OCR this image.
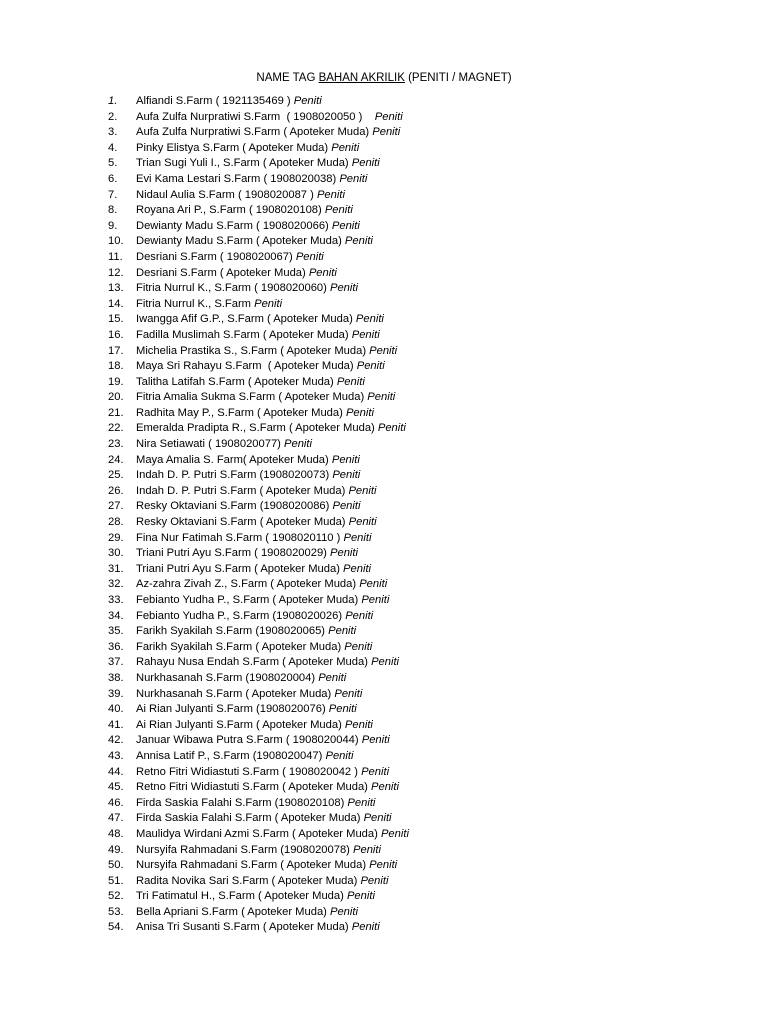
NAME TAG BAHAN AKRILIK (PENITI / MAGNET)
1.	Alfiandi S.Farm ( 1921135469 ) Peniti
2.	Aufa Zulfa Nurpratiwi S.Farm  ( 1908020050 ) Peniti
3.	Aufa Zulfa Nurpratiwi S.Farm ( Apoteker Muda) Peniti
4.	Pinky Elistya S.Farm ( Apoteker Muda) Peniti
5.	Trian Sugi Yuli I., S.Farm ( Apoteker Muda) Peniti
6.	Evi Kama Lestari S.Farm ( 1908020038) Peniti
7.	Nidaul Aulia S.Farm ( 1908020087 ) Peniti
8.	Royana Ari P., S.Farm ( 1908020108) Peniti
9.	Dewianty Madu S.Farm ( 1908020066) Peniti
10.	Dewianty Madu S.Farm ( Apoteker Muda) Peniti
11.	Desriani S.Farm ( 1908020067) Peniti
12.	Desriani S.Farm ( Apoteker Muda) Peniti
13.	Fitria Nurrul K., S.Farm ( 1908020060) Peniti
14.	Fitria Nurrul K., S.Farm Peniti
15.	Iwangga Afif G.P., S.Farm ( Apoteker Muda) Peniti
16.	Fadilla Muslimah S.Farm ( Apoteker Muda) Peniti
17.	Michelia Prastika S., S.Farm ( Apoteker Muda) Peniti
18.	Maya Sri Rahayu S.Farm  ( Apoteker Muda) Peniti
19.	Talitha Latifah S.Farm ( Apoteker Muda) Peniti
20.	Fitria Amalia Sukma S.Farm ( Apoteker Muda) Peniti
21.	Radhita May P., S.Farm ( Apoteker Muda) Peniti
22.	Emeralda Pradipta R., S.Farm ( Apoteker Muda) Peniti
23.	Nira Setiawati ( 1908020077) Peniti
24.	Maya Amalia S. Farm( Apoteker Muda) Peniti
25.	Indah D. P. Putri S.Farm (1908020073) Peniti
26.	Indah D. P. Putri S.Farm ( Apoteker Muda) Peniti
27.	Resky Oktaviani S.Farm (1908020086) Peniti
28.	Resky Oktaviani S.Farm ( Apoteker Muda) Peniti
29.	Fina Nur Fatimah S.Farm ( 1908020110 ) Peniti
30.	Triani Putri Ayu S.Farm ( 1908020029) Peniti
31.	Triani Putri Ayu S.Farm ( Apoteker Muda) Peniti
32.	Az-zahra Zivah Z., S.Farm ( Apoteker Muda) Peniti
33.	Febianto Yudha P., S.Farm ( Apoteker Muda) Peniti
34.	Febianto Yudha P., S.Farm (1908020026) Peniti
35.	Farikh Syakilah S.Farm (1908020065) Peniti
36.	Farikh Syakilah S.Farm ( Apoteker Muda) Peniti
37.	Rahayu Nusa Endah S.Farm ( Apoteker Muda) Peniti
38.	Nurkhasanah S.Farm (1908020004) Peniti
39.	Nurkhasanah S.Farm ( Apoteker Muda) Peniti
40.	Ai Rian Julyanti S.Farm (1908020076) Peniti
41.	Ai Rian Julyanti S.Farm ( Apoteker Muda) Peniti
42.	Januar Wibawa Putra S.Farm ( 1908020044) Peniti
43.	Annisa Latif P., S.Farm (1908020047) Peniti
44.	Retno Fitri Widiastuti S.Farm ( 1908020042 ) Peniti
45.	Retno Fitri Widiastuti S.Farm ( Apoteker Muda) Peniti
46.	Firda Saskia Falahi S.Farm (1908020108) Peniti
47.	Firda Saskia Falahi S.Farm ( Apoteker Muda) Peniti
48.	Maulidya Wirdani Azmi S.Farm ( Apoteker Muda) Peniti
49.	Nursyifa Rahmadani S.Farm (1908020078) Peniti
50.	Nursyifa Rahmadani S.Farm ( Apoteker Muda) Peniti
51.	Radita Novika Sari S.Farm ( Apoteker Muda) Peniti
52.	Tri Fatimatul H., S.Farm ( Apoteker Muda) Peniti
53.	Bella Apriani S.Farm ( Apoteker Muda) Peniti
54.	Anisa Tri Susanti S.Farm ( Apoteker Muda) Peniti
